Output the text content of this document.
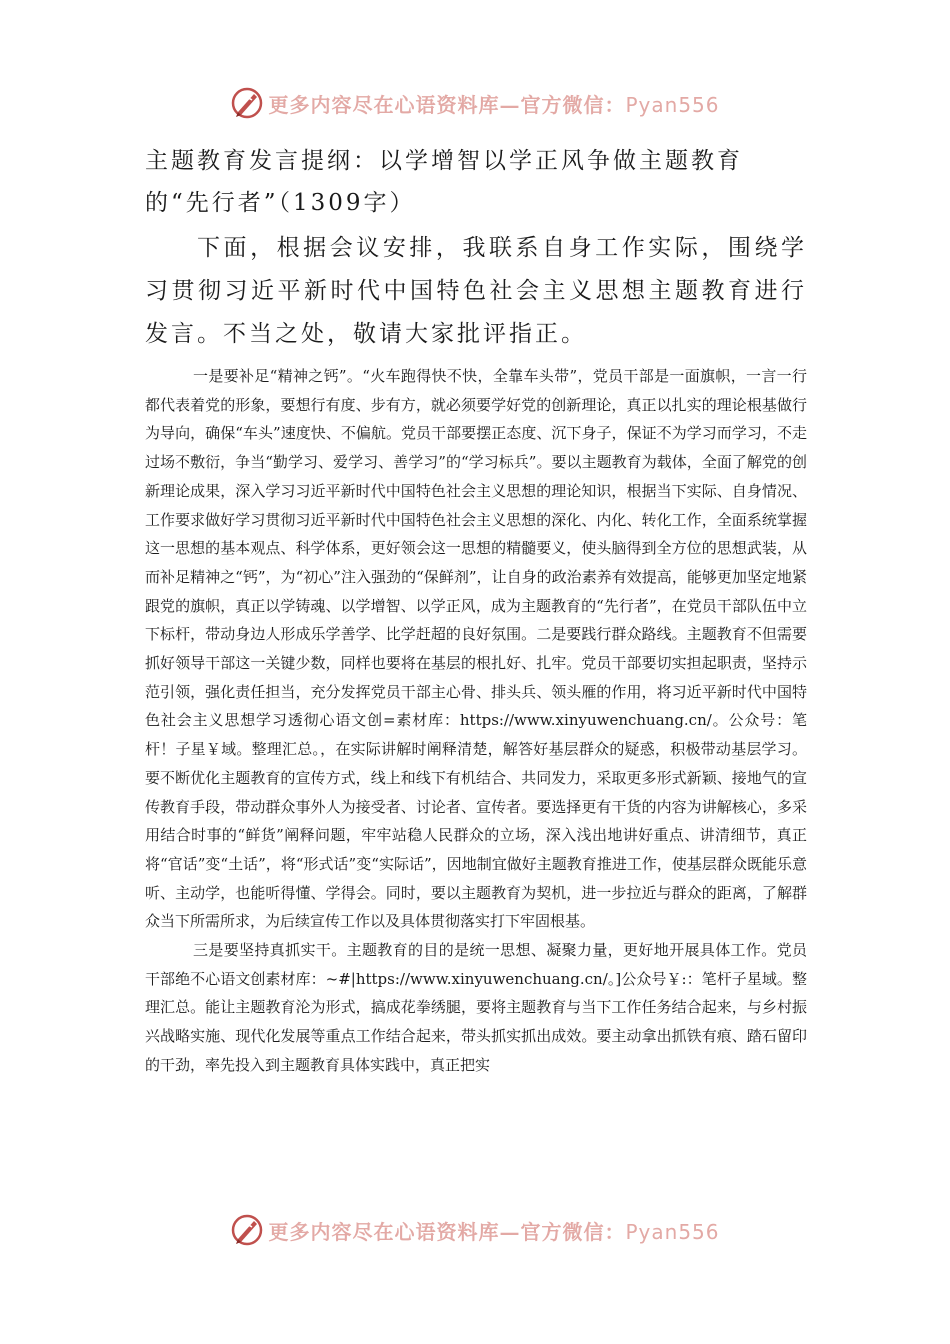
更多内容尽在心语资料库—官方微信：Pyan556
主题教育发言提纲：以学增智以学正风争做主题教育的“先行者”（1309字）

下面，根据会议安排，我联系自身工作实际，围绕学习贯彻习近平新时代中国特色社会主义思想主题教育进行发言。不当之处，敬请大家批评指正。

一是要补足“精神之钙”。“火车跑得快不快，全靠车头带”，党员干部是一面旗帜，一言一行都代表着党的形象，要想行有度、步有方，就必须要学好党的创新理论，真正以扎实的理论根基做行为导向，确保“车头”速度快、不偏航。党员干部要摆正态度、沉下身子，保证不为学习而学习，不走过场不敷衍，争当“勤学习、爱学习、善学习”的“学习标兵”。要以主题教育为载体，全面了解党的创新理论成果，深入学习习近平新时代中国特色社会主义思想的理论知识，根据当下实际、自身情况、工作要求做好学习贯彻习近平新时代中国特色社会主义思想的深化、内化、转化工作，全面系统掌握这一思想的基本观点、科学体系，更好领会这一思想的精髓要义，使头脑得到全方位的思想武装，从而补足精神之“钙”，为“初心”注入强劲的“保鲜剂”，让自身的政治素养有效提高，能够更加坚定地紧跟党的旗帜，真正以学铸魂、以学增智、以学正风，成为主题教育的“先行者”，在党员干部队伍中立下标杆，带动身边人形成乐学善学、比学赶超的良好氛围。二是要践行群众路线。主题教育不但需要抓好领导干部这一关键少数，同样也要将在基层的根扎好、扎牢。党员干部要切实担起职责，坚持示范引领，强化责任担当，充分发挥党员干部主心骨、排头兵、领头雁的作用，将习近平新时代中国特色社会主义思想学习透彻心语文创=素材库：https://www.xinyuwenchuang.cn/。公众号：笔杆！子星￥域。整理汇总。，在实际讲解时阐释清楚，解答好基层群众的疑惑，积极带动基层学习。要不断优化主题教育的宣传方式，线上和线下有机结合、共同发力，采取更多形式新颖、接地气的宣传教育手段，带动群众事外人为接受者、讨论者、宣传者。要选择更有干货的内容为讲解核心，多采用结合时事的“鲜货”阐释问题，牢牢站稳人民群众的立场，深入浅出地讲好重点、讲清细节，真正将“官话”变“土话”，将“形式话”变“实际话”，因地制宜做好主题教育推进工作，使基层群众既能乐意听、主动学，也能听得懂、学得会。同时，要以主题教育为契机，进一步拉近与群众的距离，了解群众当下所需所求，为后续宣传工作以及具体贯彻落实打下牢固根基。

三是要坚持真抓实干。主题教育的目的是统一思想、凝聚力量，更好地开展具体工作。党员干部绝不心语文创素材库：~#|https://www.xinyuwenchuang.cn/。]公众号￥:：笔杆子星域。整理汇总。能让主题教育沦为形式，搞成花拳绣腿，要将主题教育与当下工作任务结合起来，与乡村振兴战略实施、现代化发展等重点工作结合起来，带头抓实抓出成效。要主动拿出抓铁有痕、踏石留印的干劲，率先投入到主题教育具体实践中，真正把实

更多内容尽在心语资料库—官方微信：Pyan556
